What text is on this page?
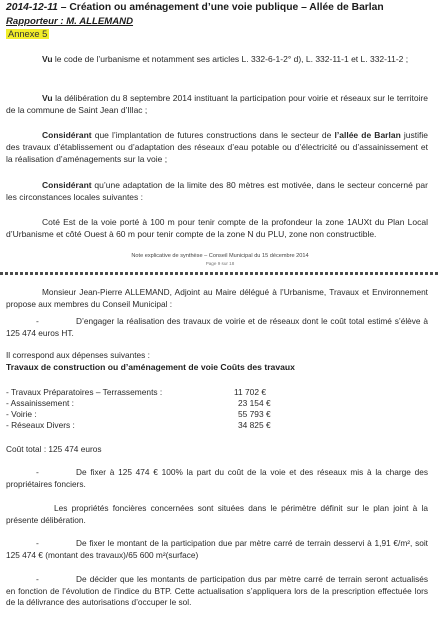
2014-12-11 – Création ou aménagement d’une voie publique – Allée de Barlan
Rapporteur : M. ALLEMAND
Annexe 5
Vu le code de l’urbanisme et notamment ses articles L. 332-6-1-2° d), L. 332-11-1 et L. 332-11-2 ;
Vu la délibération du 8 septembre 2014 instituant la participation pour voirie et réseaux sur le territoire de la commune de Saint Jean d’Illac ;
Considérant que l’implantation de futures constructions dans le secteur de l’allée de Barlan justifie des travaux d’établissement ou d’adaptation des réseaux d’eau potable ou d’électricité ou d’assainissement et la réalisation d’aménagements sur la voie ;
Considérant qu’une adaptation de la limite des 80 mètres est motivée, dans le secteur concerné par les circonstances locales suivantes :
Coté Est de la voie porté à 100 m pour tenir compte de la profondeur la zone 1AUXt du Plan Local d’Urbanisme et côté Ouest à 60 m pour tenir compte de la zone N du PLU, zone non constructible.
Note explicative de synthèse – Conseil Municipal du 15 décembre 2014
Page 9 sur 18
Monsieur Jean-Pierre ALLEMAND, Adjoint au Maire délégué à l’Urbanisme, Travaux et Environnement propose aux membres du Conseil Municipal :
-	D’engager la réalisation des travaux de voirie et de réseaux dont le coût total estimé s’élève à 125 474 euros HT.
Il correspond aux dépenses suivantes :
Travaux de construction ou d’aménagement de voie Coûts des travaux
- Travaux Préparatoires – Terrassements :	11 702 €
- Assainissement :	23 154 €
- Voirie :	55 793 €
- Réseaux Divers :	34 825 €
Coût total : 125 474 euros
-	De fixer à 125 474 € 100% la part du coût de la voie et des réseaux mis à la charge des propriétaires fonciers.
Les propriétés foncières concernées sont situées dans le périmètre définit sur le plan joint à la présente délibération.
-	De fixer le montant de la participation due par mètre carré de terrain desservi à 1,91 €/m², soit 125 474 € (montant des travaux)/65 600 m²(surface)
-	De décider que les montants de participation dus par mètre carré de terrain seront actualisés en fonction de l’évolution de l’indice du BTP. Cette actualisation s’appliquera lors de la prescription effectuée lors de la délivrance des autorisations d’occuper le sol.
